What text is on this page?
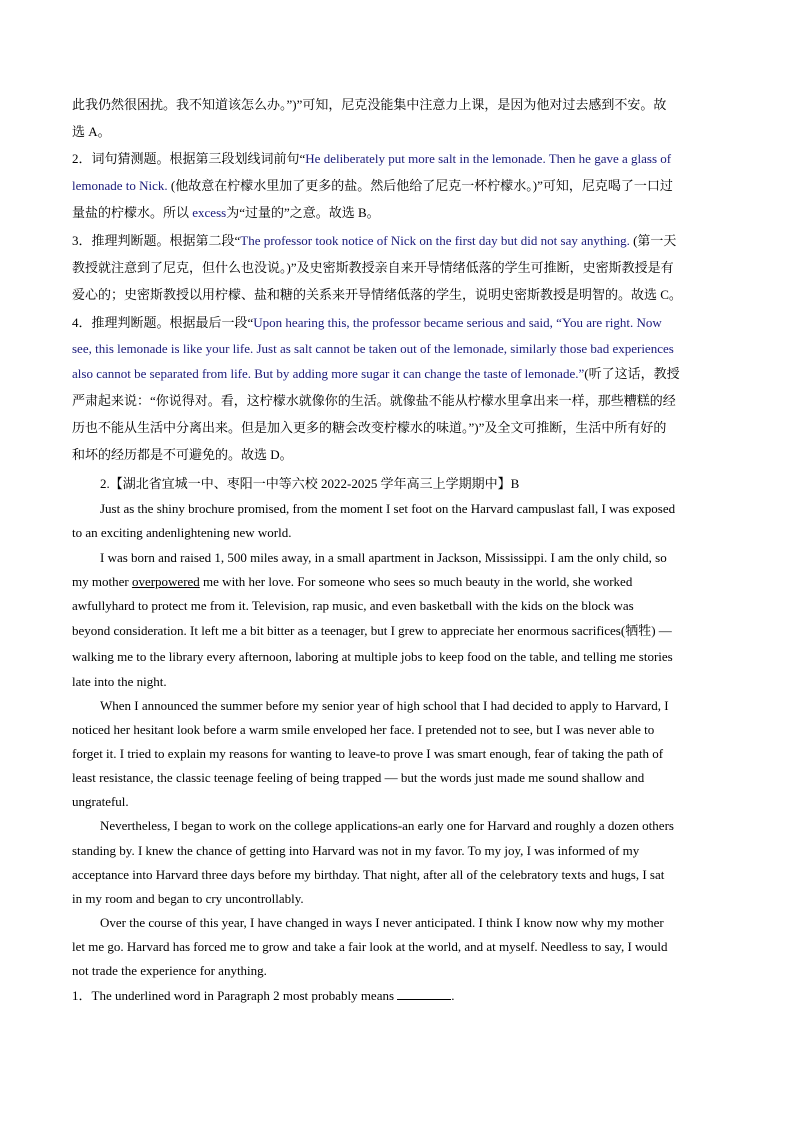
此我仍然很困扰。我不知道该怎么办。”)”可知，尼克没能集中注意力上课，是因为他对过去感到不安。故
选 A。
2．词句猜测题。根据第三段划线词前句“He deliberately put more salt in the lemonade. Then he gave a glass of
lemonade to Nick. (他故意在柠檬水里加了更多的盐。然后他给了尼克一杯柠檬水。)”可知，尼克喝了一口过
量盐的柠檬水。所以 excess为“过量的”之意。故选 B。
3．推理判断题。根据第二段“The professor took notice of Nick on the first day but did not say anything. (第一天
教授就注意到了尼克，但什么也没说。)”及史密斯教授亲自来开导情绪低落的学生可推断，史密斯教授是有
爱心的；史密斯教授以用柠檬、盐和糖的关系来开导情绪低落的学生，说明史密斯教授是明智的。故选 C。
4．推理判断题。根据最后一段“Upon hearing this, the professor became serious and said, “You are right. Now
see, this lemonade is like your life. Just as salt cannot be taken out of the lemonade, similarly those bad experiences
also cannot be separated from life. But by adding more sugar it can change the taste of lemonade.”(听了这话，教授
严肃起来说：“你说得对。看，这柠檬水就像你的生活。就像盐不能从柠檬水里拿出来一样，那些糟糕的经
历也不能从生活中分离出来。但是加入更多的糖会改变柠檬水的味道。”)”及全文可推断，生活中所有好的
和坏的经历都是不可避免的。故选 D。
2.【湖北省宜城一中、枣阳一中等六校 2022-2025 学年高三上学期期中】B
Just as the shiny brochure promised, from the moment I set foot on the Harvard campuslast fall, I was exposed
to an exciting andenlightening new world.
I was born and raised 1, 500 miles away, in a small apartment in Jackson, Mississippi. I am the only child, so
my mother overpowered me with her love. For someone who sees so much beauty in the world, she worked
awfullyhard to protect me from it. Television, rap music, and even basketball with the kids on the block was
beyond consideration. It left me a bit bitter as a teenager, but I grew to appreciate her enormous sacrifices(牺牲) —
walking me to the library every afternoon, laboring at multiple jobs to keep food on the table, and telling me stories
late into the night.
When I announced the summer before my senior year of high school that I had decided to apply to Harvard, I
noticed her hesitant look before a warm smile enveloped her face. I pretended not to see, but I was never able to
forget it. I tried to explain my reasons for wanting to leave-to prove I was smart enough, fear of taking the path of
least resistance, the classic teenage feeling of being trapped — but the words just made me sound shallow and
ungrateful.
Nevertheless, I began to work on the college applications-an early one for Harvard and roughly a dozen others
standing by. I knew the chance of getting into Harvard was not in my favor. To my joy, I was informed of my
acceptance into Harvard three days before my birthday. That night, after all of the celebratory texts and hugs, I sat
in my room and began to cry uncontrollably.
Over the course of this year, I have changed in ways I never anticipated. I think I know now why my mother
let me go. Harvard has forced me to grow and take a fair look at the world, and at myself. Needless to say, I would
not trade the experience for anything.
1．The underlined word in Paragraph 2 most probably means	.
